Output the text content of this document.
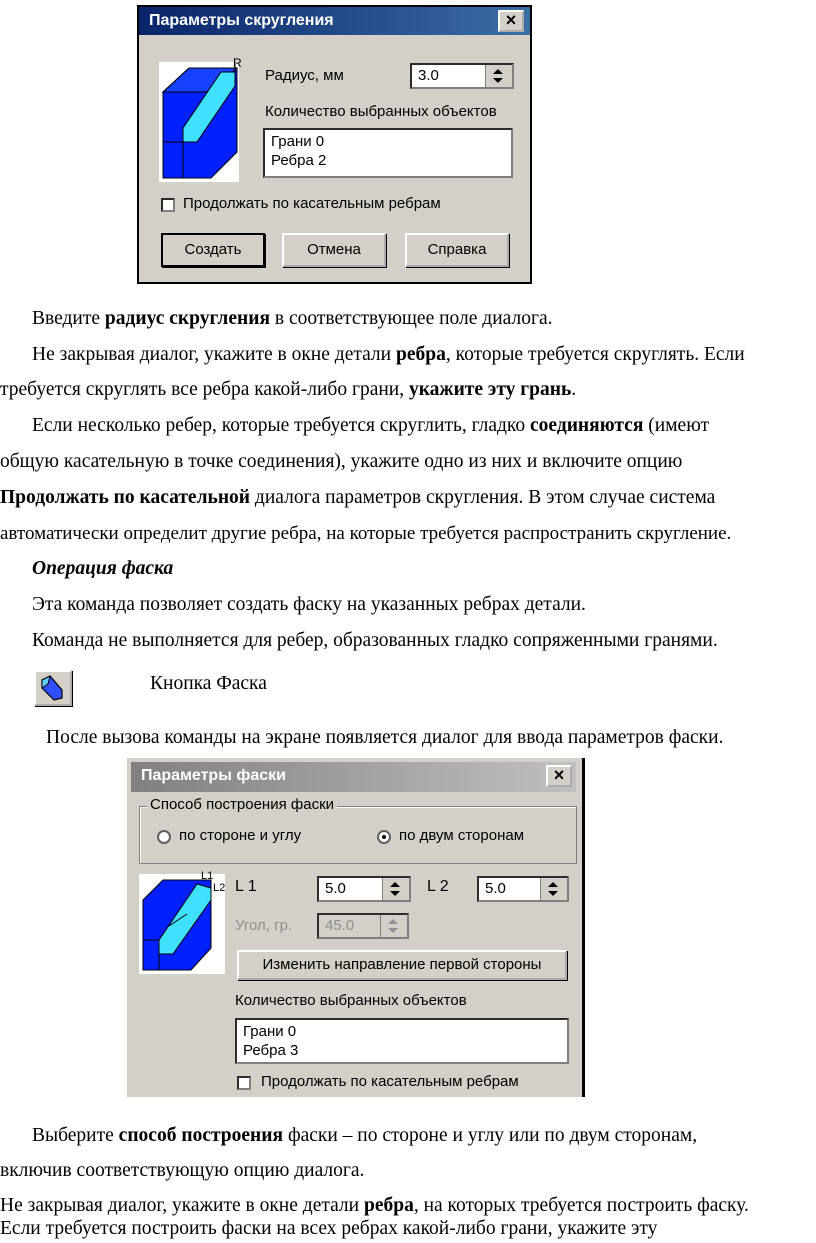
Параметры скругления	×
R
Радиус, мм	3.0
Количество выбранных объектов
Грани 0
Ребра 2
Продолжать по касательным ребрам
Создать	Отмена	Справка
Введите радиус скругления в соответствующее поле диалога.
Не закрывая диалог, укажите в окне детали ребра, которые требуется скруглять. Если
требуется скруглять все ребра какой-либо грани, укажите эту грань.
Если несколько ребер, которые требуется скруглить, гладко соединяются (имеют
общую касательную в точке соединения), укажите одно из них и включите опцию
Продолжать по касательной диалога параметров скругления. В этом случае система
автоматически определит другие ребра, на которые требуется распространить скругление.
Операция фаска
Эта команда позволяет создать фаску на указанных ребрах детали.
Команда не выполняется для ребер, образованных гладко сопряженными гранями.
Кнопка Фаска
После вызова команды на экране появляется диалог для ввода параметров фаски.
Параметры фаски	×
Способ построения фаски
по стороне и углу	по двум сторонам
L1
L2 L 1	5.0	L 2 5.0
Угол, гр. 45.0
Изменить направление первой стороны
Количество выбранных объектов
Грани 0
Ребра 3
Продолжать по касательным ребрам
Выберите способ построения фаски – по стороне и углу или по двум сторонам,
включив соответствующую опцию диалога.
Не закрывая диалог, укажите в окне детали ребра, на которых требуется построить фаску.
Если требуется построить фаски на всех ребрах какой-либо грани, укажите эту
